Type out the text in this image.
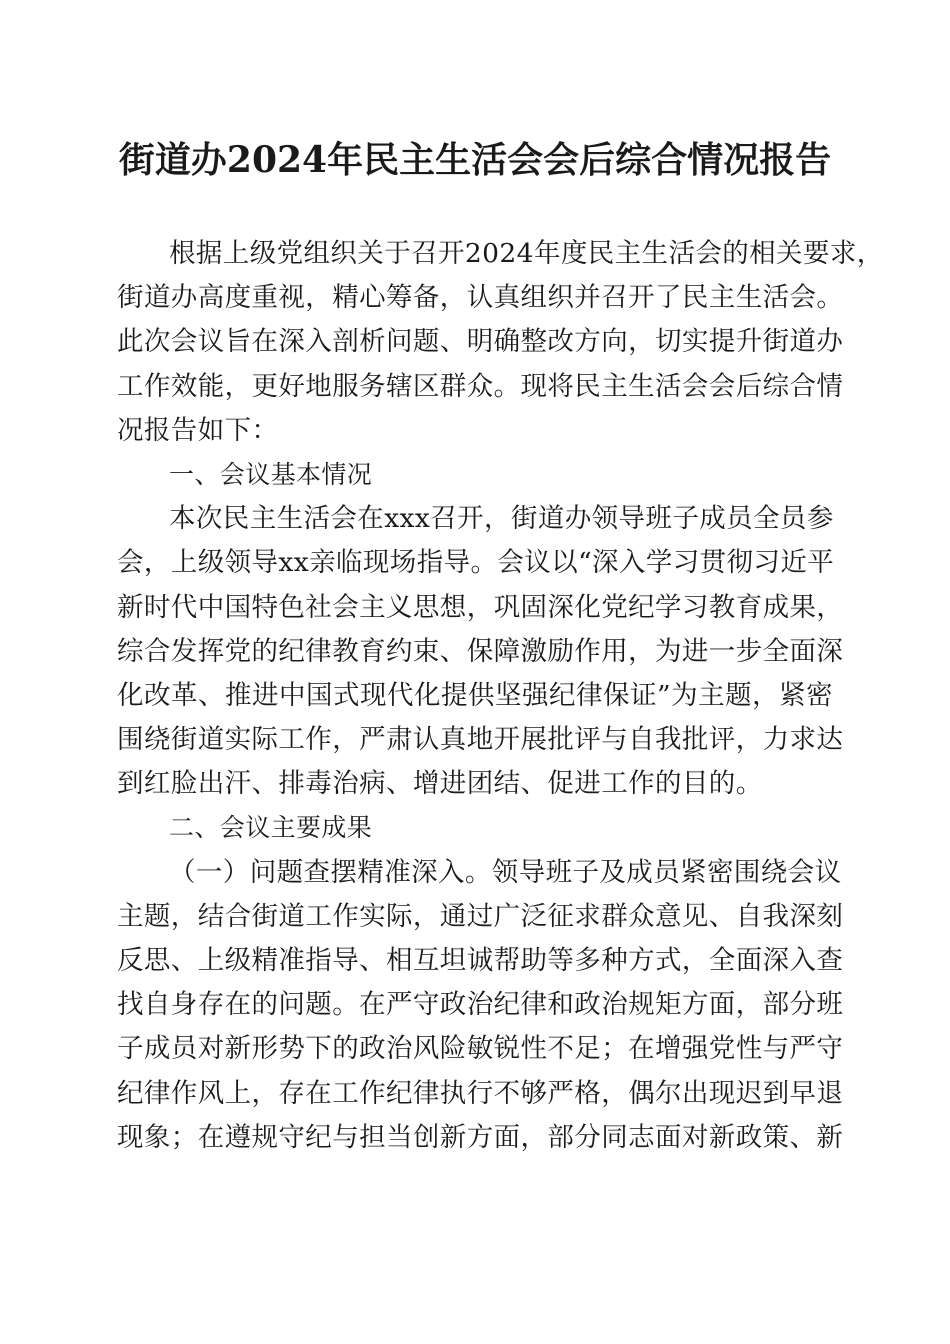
街道办2024年民主生活会会后综合情况报告
根据上级党组织关于召开2024年度民主生活会的相关要求，
街道办高度重视，精心筹备，认真组织并召开了民主生活会。
此次会议旨在深入剖析问题、明确整改方向，切实提升街道办
工作效能，更好地服务辖区群众。现将民主生活会会后综合情
况报告如下：
一、会议基本情况
本次民主生活会在xxx召开，街道办领导班子成员全员参
会，上级领导xx亲临现场指导。会议以“深入学习贯彻习近平
新时代中国特色社会主义思想，巩固深化党纪学习教育成果，
综合发挥党的纪律教育约束、保障激励作用，为进一步全面深
化改革、推进中国式现代化提供坚强纪律保证”为主题，紧密
围绕街道实际工作，严肃认真地开展批评与自我批评，力求达
到红脸出汗、排毒治病、增进团结、促进工作的目的。
二、会议主要成果
（一）问题查摆精准深入。领导班子及成员紧密围绕会议
主题，结合街道工作实际，通过广泛征求群众意见、自我深刻
反思、上级精准指导、相互坦诚帮助等多种方式，全面深入查
找自身存在的问题。在严守政治纪律和政治规矩方面，部分班
子成员对新形势下的政治风险敏锐性不足；在增强党性与严守
纪律作风上，存在工作纪律执行不够严格，偶尔出现迟到早退
现象；在遵规守纪与担当创新方面，部分同志面对新政策、新
